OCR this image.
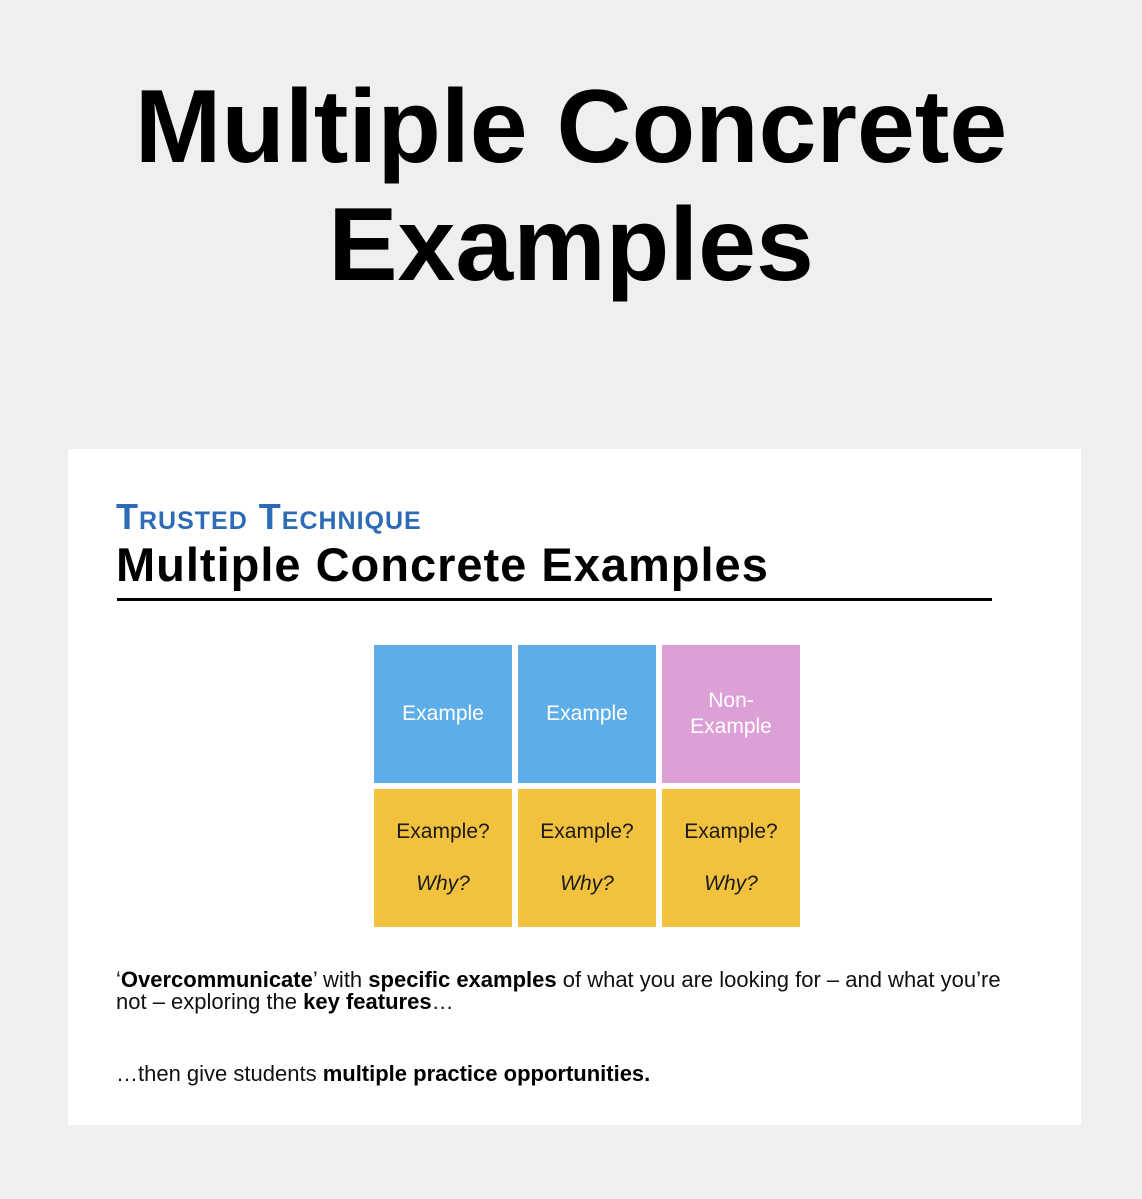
Multiple Concrete Examples
Trusted Technique
Multiple Concrete Examples
Example	Example
Non-
Example
Example?
Why?
Example?
Why?
Example?
Why?
‘Overcommunicate’ with specific examples of what you are looking for – and what you’re not – exploring the key features…
…then give students multiple practice opportunities.
